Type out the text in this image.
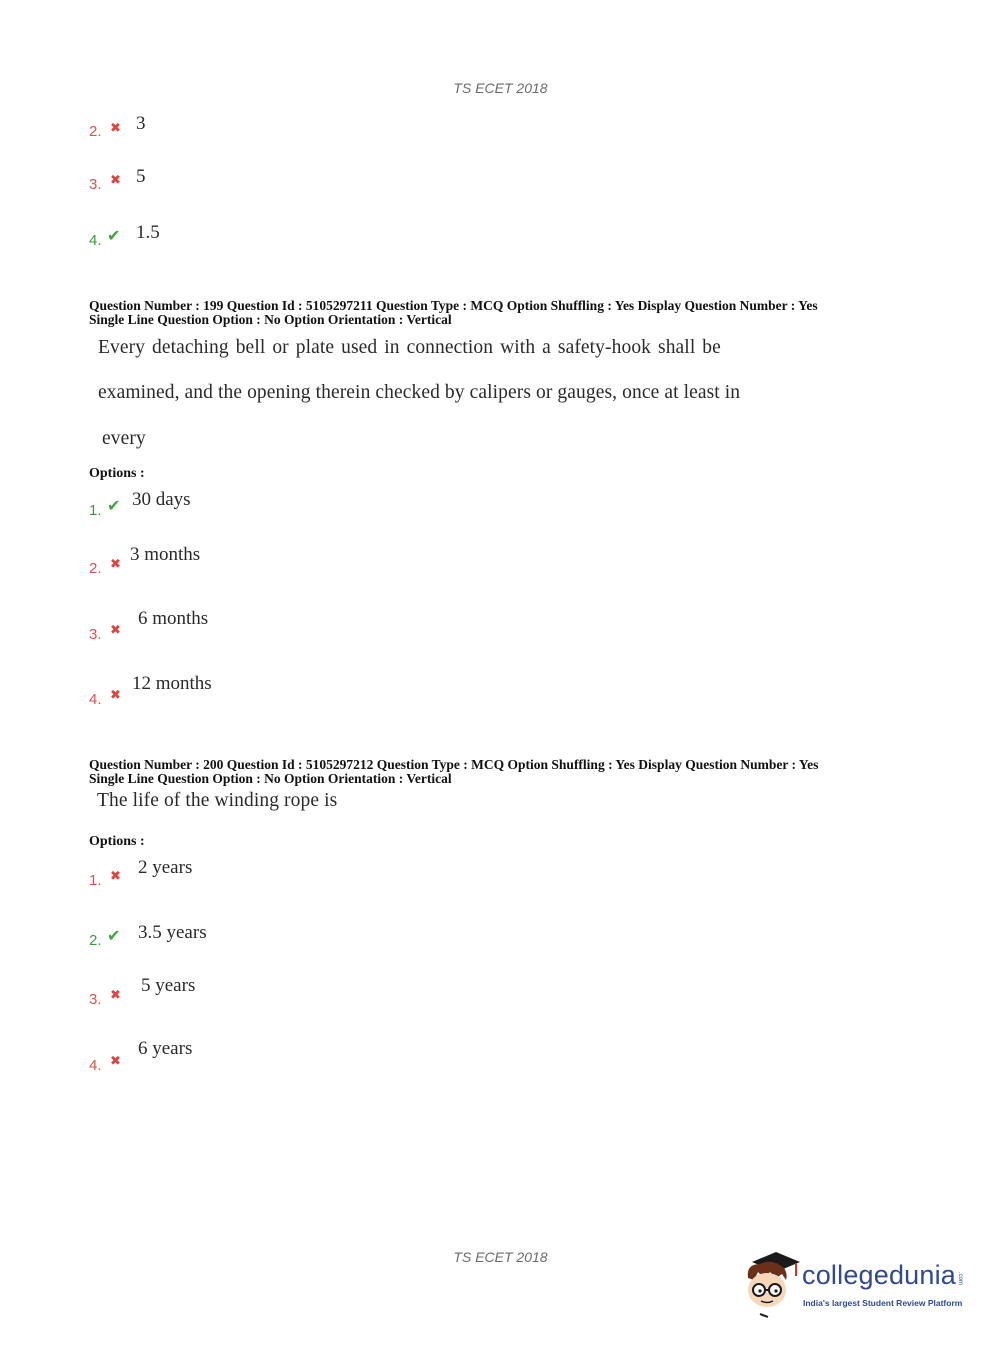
TS ECET 2018
2. ✖ 3
3. ✖ 5
4. ✔ 1.5
Question Number : 199 Question Id : 5105297211 Question Type : MCQ Option Shuffling : Yes Display Question Number : Yes
Single Line Question Option : No Option Orientation : Vertical
Every detaching bell or plate used in connection with a safety-hook shall be
examined, and the opening therein checked by calipers or gauges, once at least in
every
Options :
1. ✔ 30 days
2. ✖ 3 months
3. ✖
6 months
4. ✖
12 months
Question Number : 200 Question Id : 5105297212 Question Type : MCQ Option Shuffling : Yes Display Question Number : Yes
Single Line Question Option : No Option Orientation : Vertical
The life of the winding rope is
Options :
1. ✖ 2 years
2. ✔ 3.5 years
3. ✖ 5 years
4. ✖
6 years
TS ECET 2018
collegedunia .com
India's largest Student Review Platform
